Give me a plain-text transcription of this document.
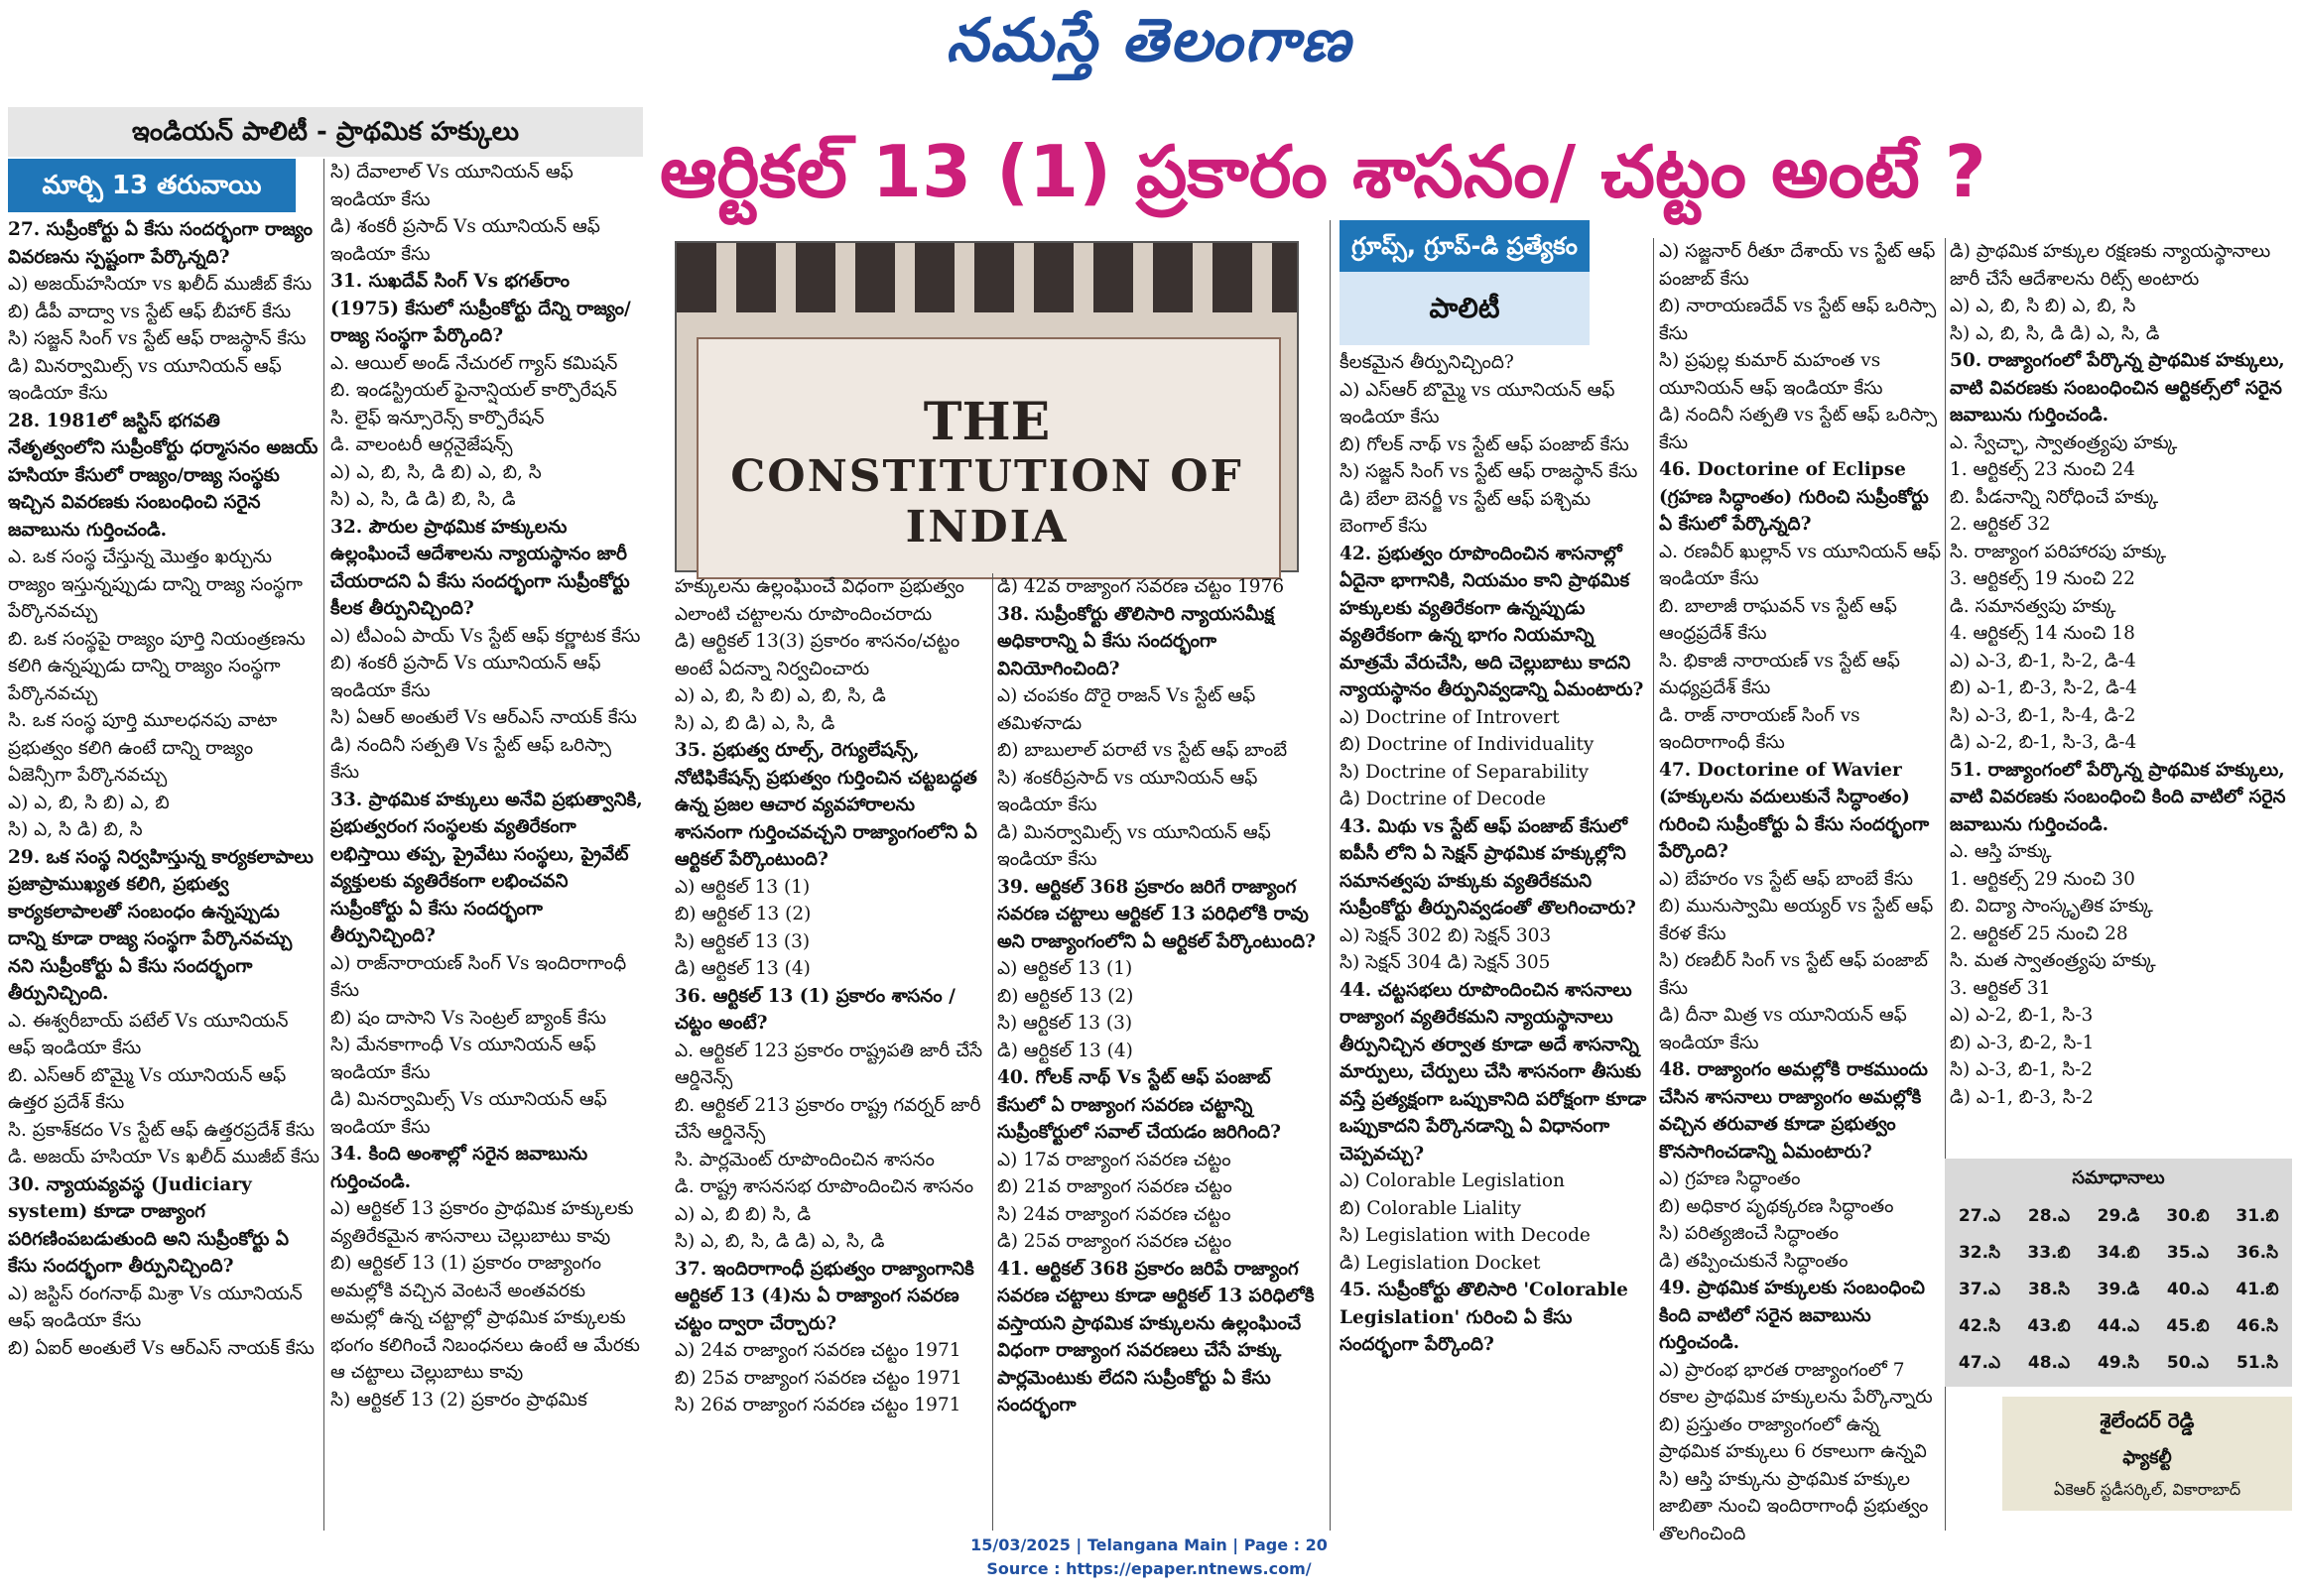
నమస్తే తెలంగాణ
ఇండియన్ పాలిటీ - ప్రాథమిక హక్కులు	ఆర్టికల్ 13 (1) ప్రకారం శాసనం/ చట్టం అంటే ?
మార్చి 13 తరువాయి
THE
CONSTITUTION OF INDIA
గ్రూప్స్, గ్రూప్-డి ప్రత్యేకం
పాలిటీ

27. సుప్రీంకోర్టు ఏ కేసు సందర్భంగా రాజ్యం వివరణను స్పష్టంగా పేర్కొన్నది?

ఎ) అజయ్‌హసియా vs ఖలీద్ ముజీబ్ కేసు

బి) డీపీ వాద్వా vs స్టేట్ ఆఫ్ బీహార్ కేసు

సి) సజ్జన్ సింగ్ vs స్టేట్ ఆఫ్ రాజస్థాన్ కేసు

డి) మినర్వామిల్స్ vs యూనియన్ ఆఫ్ ఇండియా కేసు

28. 1981లో జస్టిస్ భగవతి నేతృత్వంలోని సుప్రీంకోర్టు ధర్మాసనం అజయ్ హసియా కేసులో రాజ్యం/రాజ్య సంస్థకు ఇచ్చిన వివరణకు సంబంధించి సరైన జవాబును గుర్తించండి.

ఎ. ఒక సంస్థ చేస్తున్న మొత్తం ఖర్చును రాజ్యం ఇస్తున్నప్పుడు దాన్ని రాజ్య సంస్థగా పేర్కొనవచ్చు

బి. ఒక సంస్థపై రాజ్యం పూర్తి నియంత్రణను కలిగి ఉన్నప్పుడు దాన్ని రాజ్యం సంస్థగా పేర్కొనవచ్చు

సి. ఒక సంస్థ పూర్తి మూలధనపు వాటా ప్రభుత్వం కలిగి ఉంటే దాన్ని రాజ్యం ఏజెన్సీగా పేర్కొనవచ్చు

ఎ) ఎ, బి, సి బి) ఎ, బి

సి) ఎ, సి డి) బి, సి

29. ఒక సంస్థ నిర్వహిస్తున్న కార్యకలాపాలు ప్రజాప్రాముఖ్యత కలిగి, ప్రభుత్వ కార్యకలాపాలతో సంబంధం ఉన్నప్పుడు దాన్ని కూడా రాజ్య సంస్థగా పేర్కొనవచ్చు నని సుప్రీంకోర్టు ఏ కేసు సందర్భంగా తీర్పునిచ్చింది.

ఎ. ఈశ్వరీబాయ్ పటేల్ Vs యూనియన్ ఆఫ్ ఇండియా కేసు

బి. ఎస్ఆర్ బొమ్మై Vs యూనియన్ ఆఫ్ ఉత్తర ప్రదేశ్ కేసు

సి. ప్రకాశ్‌కదం Vs స్టేట్ ఆఫ్ ఉత్తరప్రదేశ్ కేసు

డి. అజయ్ హసియా Vs ఖలీద్ ముజీబ్ కేసు

30. న్యాయవ్యవస్థ (Judiciary system) కూడా రాజ్యాంగ పరిగణింపబడుతుంది అని సుప్రీంకోర్టు ఏ కేసు సందర్భంగా తీర్పునిచ్చింది?

ఎ) జస్టిస్ రంగనాథ్ మిశ్రా Vs యూనియన్ ఆఫ్ ఇండియా కేసు

బి) ఏఐర్ అంతులే Vs ఆర్ఎస్ నాయక్ కేసు

సి) దేవాలాల్ Vs యూనియన్ ఆఫ్ ఇండియా కేసు

డి) శంకరీ ప్రసాద్ Vs యూనియన్ ఆఫ్ ఇండియా కేసు

31. సుఖదేవ్ సింగ్ Vs భగత్‌రాం (1975) కేసులో సుప్రీంకోర్టు దేన్ని రాజ్యం/రాజ్య సంస్థగా పేర్కొంది?

ఎ. ఆయిల్ అండ్ నేచురల్ గ్యాస్ కమిషన్

బి. ఇండస్ట్రియల్ ఫైనాన్షియల్ కార్పొరేషన్

సి. లైఫ్ ఇన్సూరెన్స్ కార్పొరేషన్

డి. వాలంటరీ ఆర్గనైజేషన్స్

ఎ) ఎ, బి, సి, డి బి) ఎ, బి, సి

సి) ఎ, సి, డి డి) బి, సి, డి

32. పౌరుల ప్రాథమిక హక్కులను ఉల్లంఘించే ఆదేశాలను న్యాయస్థానం జారీ చేయరాదని ఏ కేసు సందర్భంగా సుప్రీంకోర్టు కీలక తీర్పునిచ్చింది?

ఎ) టీఎంఏ పాయ్ Vs స్టేట్ ఆఫ్ కర్ణాటక కేసు

బి) శంకరీ ప్రసాద్ Vs యూనియన్ ఆఫ్ ఇండియా కేసు

సి) ఏఆర్ అంతులే Vs ఆర్ఎస్ నాయక్ కేసు

డి) నందినీ సత్పతి Vs స్టేట్ ఆఫ్ ఒరిస్సా కేసు

33. ప్రాథమిక హక్కులు అనేవి ప్రభుత్వానికి, ప్రభుత్వరంగ సంస్థలకు వ్యతిరేకంగా లభిస్తాయి తప్ప, ప్రైవేటు సంస్థలు, ప్రైవేట్ వ్యక్తులకు వ్యతిరేకంగా లభించవని సుప్రీంకోర్టు ఏ కేసు సందర్భంగా తీర్పునిచ్చింది?

ఎ) రాజ్‌నారాయణ్ సింగ్ Vs ఇందిరాగాంధీ కేసు

బి) షం దాసాని Vs సెంట్రల్ బ్యాంక్ కేసు

సి) మేనకాగాంధీ Vs యూనియన్ ఆఫ్ ఇండియా కేసు

డి) మినర్వామిల్స్ Vs యూనియన్ ఆఫ్ ఇండియా కేసు

34. కింది అంశాల్లో సరైన జవాబును గుర్తించండి.

ఎ) ఆర్టికల్ 13 ప్రకారం ప్రాథమిక హక్కులకు వ్యతిరేకమైన శాసనాలు చెల్లుబాటు కావు

బి) ఆర్టికల్ 13 (1) ప్రకారం రాజ్యాంగం అమల్లోకి వచ్చిన వెంటనే అంతవరకు అమల్లో ఉన్న చట్టాల్లో ప్రాథమిక హక్కులకు భంగం కలిగించే నిబంధనలు ఉంటే ఆ మేరకు ఆ చట్టాలు చెల్లుబాటు కావు

సి) ఆర్టికల్ 13 (2) ప్రకారం ప్రాథమిక

హక్కులను ఉల్లంఘించే విధంగా ప్రభుత్వం ఎలాంటి చట్టాలను రూపొందించరాదు

డి) ఆర్టికల్ 13(3) ప్రకారం శాసనం/చట్టం అంటే ఏదన్నా నిర్వచించారు

ఎ) ఎ, బి, సి బి) ఎ, బి, సి, డి

సి) ఎ, బి డి) ఎ, సి, డి

35. ప్రభుత్వ రూల్స్, రెగ్యులేషన్స్, నోటిఫికేషన్స్ ప్రభుత్వం గుర్తించిన చట్టబద్ధత ఉన్న ప్రజల ఆచార వ్యవహారాలను శాసనంగా గుర్తించవచ్చని రాజ్యాంగంలోని ఏ ఆర్టికల్ పేర్కొంటుంది?

ఎ) ఆర్టికల్ 13 (1)

బి) ఆర్టికల్ 13 (2)

సి) ఆర్టికల్ 13 (3)

డి) ఆర్టికల్ 13 (4)

36. ఆర్టికల్ 13 (1) ప్రకారం శాసనం / చట్టం అంటే?

ఎ. ఆర్టికల్ 123 ప్రకారం రాష్ట్రపతి జారీ చేసే ఆర్డినెన్స్

బి. ఆర్టికల్ 213 ప్రకారం రాష్ట్ర గవర్నర్ జారీ చేసే ఆర్డినెన్స్

సి. పార్లమెంట్ రూపొందించిన శాసనం

డి. రాష్ట్ర శాసనసభ రూపొందించిన శాసనం

ఎ) ఎ, బి బి) సి, డి

సి) ఎ, బి, సి, డి డి) ఎ, సి, డి

37. ఇందిరాగాంధీ ప్రభుత్వం రాజ్యాంగానికి ఆర్టికల్ 13 (4)ను ఏ రాజ్యాంగ సవరణ చట్టం ద్వారా చేర్చారు?

ఎ) 24వ రాజ్యాంగ సవరణ చట్టం 1971

బి) 25వ రాజ్యాంగ సవరణ చట్టం 1971

సి) 26వ రాజ్యాంగ సవరణ చట్టం 1971

డి) 42వ రాజ్యాంగ సవరణ చట్టం 1976

38. సుప్రీంకోర్టు తొలిసారి న్యాయసమీక్ష అధికారాన్ని ఏ కేసు సందర్భంగా వినియోగించింది?

ఎ) చంపకం దొరై రాజన్ Vs స్టేట్ ఆఫ్ తమిళనాడు

బి) బాబులాల్ పరాటే vs స్టేట్ ఆఫ్ బాంబే

సి) శంకరీప్రసాద్ vs యూనియన్ ఆఫ్ ఇండియా కేసు

డి) మినర్వామిల్స్ vs యూనియన్ ఆఫ్ ఇండియా కేసు

39. ఆర్టికల్ 368 ప్రకారం జరిగే రాజ్యాంగ సవరణ చట్టాలు ఆర్టికల్ 13 పరిధిలోకి రావు అని రాజ్యాంగంలోని ఏ ఆర్టికల్ పేర్కొంటుంది?

ఎ) ఆర్టికల్ 13 (1)

బి) ఆర్టికల్ 13 (2)

సి) ఆర్టికల్ 13 (3)

డి) ఆర్టికల్ 13 (4)

40. గోలక్ నాథ్ Vs స్టేట్ ఆఫ్ పంజాబ్ కేసులో ఏ రాజ్యాంగ సవరణ చట్టాన్ని సుప్రీంకోర్టులో సవాల్ చేయడం జరిగింది?

ఎ) 17వ రాజ్యాంగ సవరణ చట్టం

బి) 21వ రాజ్యాంగ సవరణ చట్టం

సి) 24వ రాజ్యాంగ సవరణ చట్టం

డి) 25వ రాజ్యాంగ సవరణ చట్టం

41. ఆర్టికల్ 368 ప్రకారం జరిపే రాజ్యాంగ సవరణ చట్టాలు కూడా ఆర్టికల్ 13 పరిధిలోకి వస్తాయని ప్రాథమిక హక్కులను ఉల్లంఘించే విధంగా రాజ్యాంగ సవరణలు చేసే హక్కు పార్లమెంటుకు లేదని సుప్రీంకోర్టు ఏ కేసు సందర్భంగా

కీలకమైన తీర్పునిచ్చింది?

ఎ) ఎస్ఆర్ బొమ్మై vs యూనియన్ ఆఫ్ ఇండియా కేసు

బి) గోలక్ నాథ్ vs స్టేట్ ఆఫ్ పంజాబ్ కేసు

సి) సజ్జన్ సింగ్ vs స్టేట్ ఆఫ్ రాజస్థాన్ కేసు

డి) బేలా బెనర్జీ vs స్టేట్ ఆఫ్ పశ్చిమ బెంగాల్ కేసు

42. ప్రభుత్వం రూపొందించిన శాసనాల్లో ఏదైనా భాగానికి, నియమం కాని ప్రాథమిక హక్కులకు వ్యతిరేకంగా ఉన్నప్పుడు వ్యతిరేకంగా ఉన్న భాగం నియమాన్ని మాత్రమే వేరుచేసి, అది చెల్లుబాటు కాదని న్యాయస్థానం తీర్పునివ్వడాన్ని ఏమంటారు?

ఎ) Doctrine of Introvert

బి) Doctrine of Individuality

సి) Doctrine of Separability

డి) Doctrine of Decode

43. మిథు vs స్టేట్ ఆఫ్ పంజాబ్ కేసులో ఐపీసీ లోని ఏ సెక్షన్ ప్రాథమిక హక్కుల్లోని సమానత్వపు హక్కుకు వ్యతిరేకమని సుప్రీంకోర్టు తీర్పునివ్వడంతో తొలగించారు?

ఎ) సెక్షన్ 302 బి) సెక్షన్ 303

సి) సెక్షన్ 304 డి) సెక్షన్ 305

44. చట్టసభలు రూపొందించిన శాసనాలు రాజ్యాంగ వ్యతిరేకమని న్యాయస్థానాలు తీర్పునిచ్చిన తర్వాత కూడా అదే శాసనాన్ని మార్పులు, చేర్పులు చేసి శాసనంగా తీసుకు వస్తే ప్రత్యక్షంగా ఒప్పుకానిది పరోక్షంగా కూడా ఒప్పుకాదని పేర్కొనడాన్ని ఏ విధానంగా చెప్పవచ్చు?

ఎ) Colorable Legislation

బి) Colorable Liality

సి) Legislation with Decode

డి) Legislation Docket

45. సుప్రీంకోర్టు తొలిసారి 'Colorable Legislation' గురించి ఏ కేసు సందర్భంగా పేర్కొంది?

ఎ) సజ్జనార్ రీతూ దేశాయ్ vs స్టేట్ ఆఫ్ పంజాబ్ కేసు

బి) నారాయణదేవ్ vs స్టేట్ ఆఫ్ ఒరిస్సా కేసు

సి) ప్రఫుల్ల కుమార్ మహంత vs యూనియన్ ఆఫ్ ఇండియా కేసు

డి) నందినీ సత్పతి vs స్టేట్ ఆఫ్ ఒరిస్సా కేసు

46. Doctorine of Eclipse (గ్రహణ సిద్ధాంతం) గురించి సుప్రీంకోర్టు ఏ కేసులో పేర్కొన్నది?

ఎ. రణవీర్ ఖుల్లాన్ vs యూనియన్ ఆఫ్ ఇండియా కేసు

బి. బాలాజీ రాఘవన్ vs స్టేట్ ఆఫ్ ఆంధ్రప్రదేశ్ కేసు

సి. భికాజీ నారాయణ్ vs స్టేట్ ఆఫ్ మధ్యప్రదేశ్ కేసు

డి. రాజ్ నారాయణ్ సింగ్ vs ఇందిరాగాంధీ కేసు

47. Doctorine of Wavier (హక్కులను వదులుకునే సిద్ధాంతం) గురించి సుప్రీంకోర్టు ఏ కేసు సందర్భంగా పేర్కొంది?

ఎ) బేహరం vs స్టేట్ ఆఫ్ బాంబే కేసు

బి) మునుస్వామి అయ్యర్ vs స్టేట్ ఆఫ్ కేరళ కేసు

సి) రణబీర్ సింగ్ vs స్టేట్ ఆఫ్ పంజాబ్ కేసు

డి) దీనా మిత్ర vs యూనియన్ ఆఫ్ ఇండియా కేసు

48. రాజ్యాంగం అమల్లోకి రాకముందు చేసిన శాసనాలు రాజ్యాంగం అమల్లోకి వచ్చిన తరువాత కూడా ప్రభుత్వం కొనసాగించడాన్ని ఏమంటారు?

ఎ) గ్రహణ సిద్ధాంతం

బి) అధికార పృథక్కరణ సిద్ధాంతం

సి) పరిత్యజించే సిద్ధాంతం

డి) తప్పించుకునే సిద్ధాంతం

49. ప్రాథమిక హక్కులకు సంబంధించి కింది వాటిలో సరైన జవాబును గుర్తించండి.

ఎ) ప్రారంభ భారత రాజ్యాంగంలో 7 రకాల ప్రాథమిక హక్కులను పేర్కొన్నారు

బి) ప్రస్తుతం రాజ్యాంగంలో ఉన్న ప్రాథమిక హక్కులు 6 రకాలుగా ఉన్నవి

సి) ఆస్తి హక్కును ప్రాథమిక హక్కుల జాబితా నుంచి ఇందిరాగాంధీ ప్రభుత్వం తొలగించింది

డి) ప్రాథమిక హక్కుల రక్షణకు న్యాయస్థానాలు జారీ చేసే ఆదేశాలను రిట్స్ అంటారు

ఎ) ఎ, బి, సి బి) ఎ, బి, సి

సి) ఎ, బి, సి, డి డి) ఎ, సి, డి

50. రాజ్యాంగంలో పేర్కొన్న ప్రాథమిక హక్కులు, వాటి వివరణకు సంబంధించిన ఆర్టికల్స్‌లో సరైన జవాబును గుర్తించండి.

ఎ. స్వేచ్ఛా, స్వాతంత్ర్యపు హక్కు

1. ఆర్టికల్స్ 23 నుంచి 24

బి. పీడనాన్ని నిరోధించే హక్కు

2. ఆర్టికల్ 32

సి. రాజ్యాంగ పరిహారపు హక్కు

3. ఆర్టికల్స్ 19 నుంచి 22

డి. సమానత్వపు హక్కు

4. ఆర్టికల్స్ 14 నుంచి 18

ఎ) ఎ-3, బి-1, సి-2, డి-4

బి) ఎ-1, బి-3, సి-2, డి-4

సి) ఎ-3, బి-1, సి-4, డి-2

డి) ఎ-2, బి-1, సి-3, డి-4

51. రాజ్యాంగంలో పేర్కొన్న ప్రాథమిక హక్కులు, వాటి వివరణకు సంబంధించి కింది వాటిలో సరైన జవాబును గుర్తించండి.

ఎ. ఆస్తి హక్కు

1. ఆర్టికల్స్ 29 నుంచి 30

బి. విద్యా సాంస్కృతిక హక్కు

2. ఆర్టికల్ 25 నుంచి 28

సి. మత స్వాతంత్ర్యపు హక్కు

3. ఆర్టికల్ 31

ఎ) ఎ-2, బి-1, సి-3

బి) ఎ-3, బి-2, సి-1

సి) ఎ-3, బి-1, సి-2

డి) ఎ-1, బి-3, సి-2

సమాధానాలు
27.ఎ	28.ఎ	29.డి	30.బి	31.బి
32.సి	33.బి	34.బి	35.ఎ	36.సి
37.ఎ	38.సి	39.డి	40.ఎ	41.బి
42.సి	43.బి	44.ఎ	45.బి	46.సి
47.ఎ	48.ఎ	49.సి	50.ఎ	51.సి
శైలేందర్ రెడ్డి
ఫ్యాకల్టీ
ఏకెఆర్ స్టడీసర్కిల్, వికారాబాద్
15/03/2025 | Telangana Main | Page : 20
Source : https://epaper.ntnews.com/
